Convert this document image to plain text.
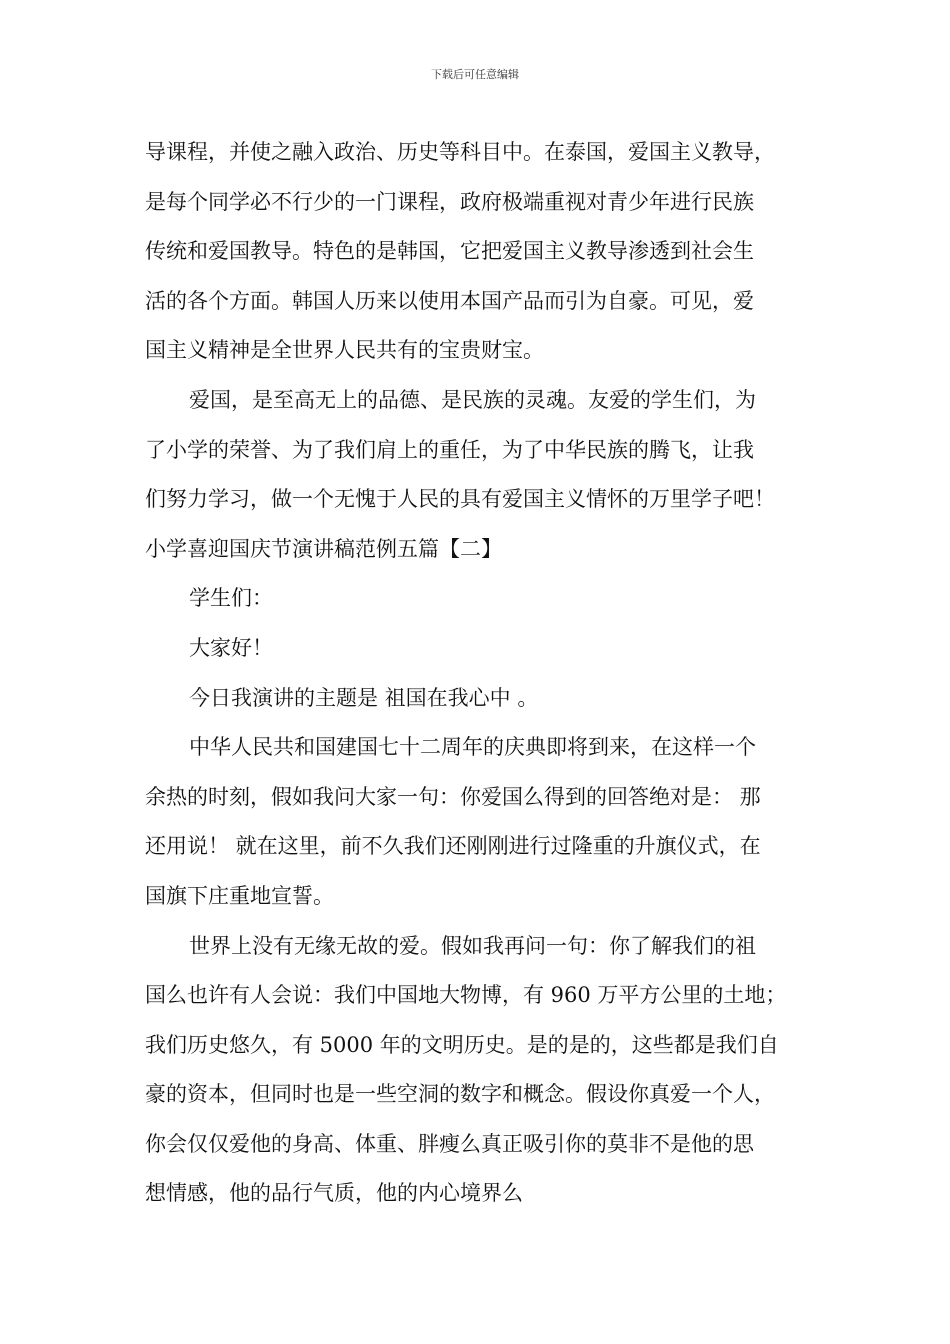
下载后可任意编辑
导课程，并使之融入政治、历史等科目中。在泰国，爱国主义教导，
是每个同学必不行少的一门课程，政府极端重视对青少年进行民族
传统和爱国教导。特色的是韩国，它把爱国主义教导渗透到社会生
活的各个方面。韩国人历来以使用本国产品而引为自豪。可见，爱
国主义精神是全世界人民共有的宝贵财宝。
爱国，是至高无上的品德、是民族的灵魂。友爱的学生们，为
了小学的荣誉、为了我们肩上的重任，为了中华民族的腾飞，让我
们努力学习，做一个无愧于人民的具有爱国主义情怀的万里学子吧！
小学喜迎国庆节演讲稿范例五篇【二】
学生们：
大家好！
今日我演讲的主题是 祖国在我心中 。
中华人民共和国建国七十二周年的庆典即将到来，在这样一个
余热的时刻，假如我问大家一句：你爱国么得到的回答绝对是： 那
还用说！ 就在这里，前不久我们还刚刚进行过隆重的升旗仪式，在
国旗下庄重地宣誓。
世界上没有无缘无故的爱。假如我再问一句：你了解我们的祖
国么也许有人会说：我们中国地大物博，有 960 万平方公里的土地；
我们历史悠久，有 5000 年的文明历史。是的是的，这些都是我们自
豪的资本，但同时也是一些空洞的数字和概念。假设你真爱一个人，
你会仅仅爱他的身高、体重、胖瘦么真正吸引你的莫非不是他的思
想情感，他的品行气质，他的内心境界么
